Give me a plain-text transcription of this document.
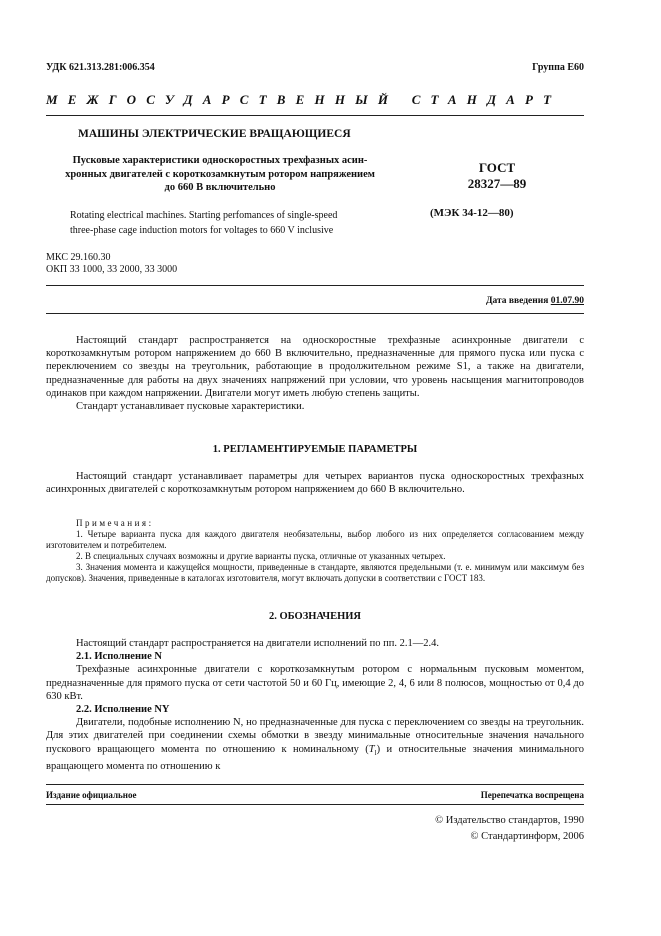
УДК 621.313.281:006.354	Группа Е60
МЕЖГОСУДАРСТВЕННЫЙ СТАНДАРТ
МАШИНЫ ЭЛЕКТРИЧЕСКИЕ ВРАЩАЮЩИЕСЯ
Пусковые характеристики односкоростных трехфазных асин-
хронных двигателей с короткозамкнутым ротором напряжением
до 660 В включительно
ГОСТ
28327—89
Rotating electrical machines. Starting perfomances of single-speed
three-phase cage induction motors for voltages to 660 V inclusive
(МЭК 34-12—80)
МКС 29.160.30
ОКП 33 1000, 33 2000, 33 3000
Дата введения 01.07.90

Настоящий стандарт распространяется на односкоростные трехфазные асинхронные двигатели с короткозамкнутым ротором напряжением до 660 В включительно, предназначенные для прямого пуска или пуска с переключением со звезды на треугольник, работающие в продолжительном режиме S1, а также на двигатели, предназначенные для работы на двух значениях напряжений при условии, что уровень насыщения магнитопроводов одинаков при каждом напряжении. Двигатели могут иметь любую степень защиты.

Стандарт устанавливает пусковые характеристики.

1. РЕГЛАМЕНТИРУЕМЫЕ ПАРАМЕТРЫ

Настоящий стандарт устанавливает параметры для четырех вариантов пуска односкоростных трехфазных асинхронных двигателей с короткозамкнутым ротором напряжением до 660 В включительно.

Примечания:

1. Четыре варианта пуска для каждого двигателя необязательны, выбор любого из них определяется согласованием между изготовителем и потребителем.

2. В специальных случаях возможны и другие варианты пуска, отличные от указанных четырех.

3. Значения момента и кажущейся мощности, приведенные в стандарте, являются предельными (т. е. минимум или максимум без допусков). Значения, приведенные в каталогах изготовителя, могут включать допуски в соответствии с ГОСТ 183.

2. ОБОЗНАЧЕНИЯ

Настоящий стандарт распространяется на двигатели исполнений по пп. 2.1—2.4.

2.1. Исполнение N

Трехфазные асинхронные двигатели с короткозамкнутым ротором с нормальным пусковым моментом, предназначенные для прямого пуска от сети частотой 50 и 60 Гц, имеющие 2, 4, 6 или 8 полюсов, мощностью от 0,4 до 630 кВт.

2.2. Исполнение NY

Двигатели, подобные исполнению N, но предназначенные для пуска с переключением со звезды на треугольник. Для этих двигателей при соединении схемы обмотки в звезду минимальные относительные значения начального пускового вращающего момента по отношению к номинальному $(T_l)$ и относительные значения минимального вращающего момента по отношению к

Издание официальное	Перепечатка воспрещена
© Издательство стандартов, 1990
© Стандартинформ, 2006
